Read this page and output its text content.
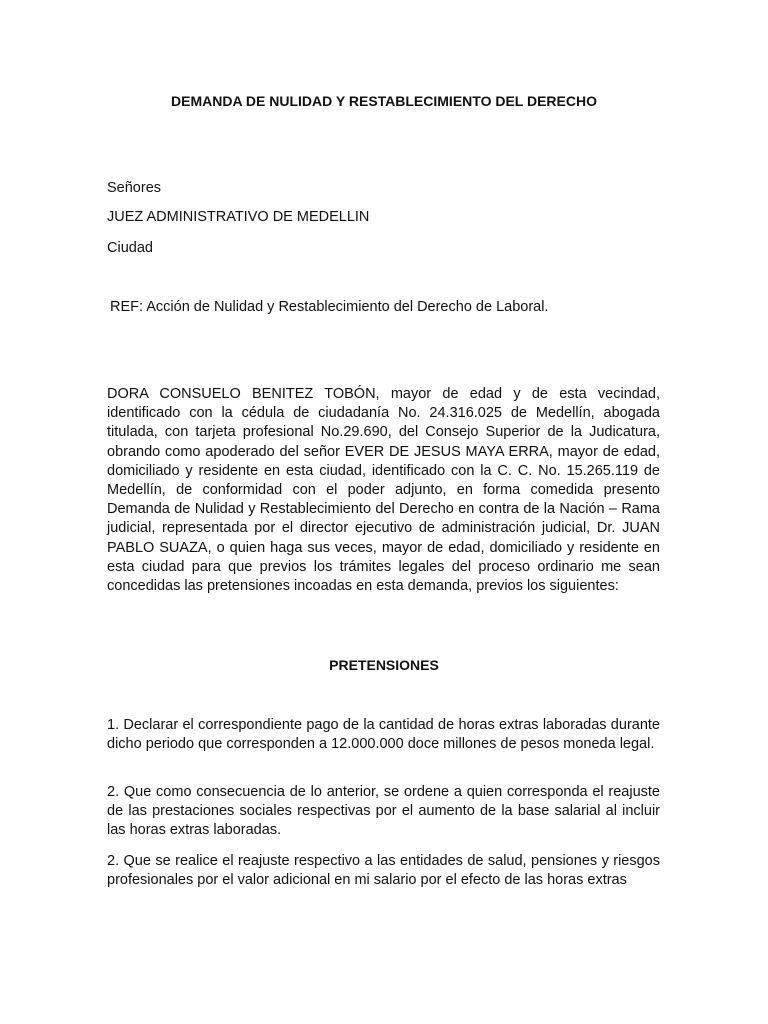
DEMANDA DE NULIDAD Y RESTABLECIMIENTO DEL DERECHO
Señores
JUEZ ADMINISTRATIVO DE MEDELLIN
Ciudad
REF: Acción de Nulidad y Restablecimiento del Derecho de Laboral.
DORA CONSUELO BENITEZ TOBÓN, mayor de edad y de esta vecindad, identificado con la cédula de ciudadanía No. 24.316.025 de Medellín, abogada titulada, con tarjeta profesional No.29.690, del Consejo Superior de la Judicatura, obrando como apoderado del señor EVER DE JESUS MAYA ERRA, mayor de edad, domiciliado y residente en esta ciudad, identificado con la C. C. No. 15.265.119 de Medellín, de conformidad con el poder adjunto, en forma comedida presento Demanda de Nulidad y Restablecimiento del Derecho en contra de la Nación – Rama judicial, representada por el director ejecutivo de administración judicial, Dr. JUAN PABLO SUAZA, o quien haga sus veces, mayor de edad, domiciliado y residente en esta ciudad para que previos los trámites legales del proceso ordinario me sean concedidas las pretensiones incoadas en esta demanda, previos los siguientes:
PRETENSIONES
1. Declarar el correspondiente pago de la cantidad de horas extras laboradas durante dicho periodo que corresponden a 12.000.000 doce millones de pesos moneda legal.
2. Que como consecuencia de lo anterior, se ordene a quien corresponda el reajuste de las prestaciones sociales respectivas por el aumento de la base salarial al incluir las horas extras laboradas.
2. Que se realice el reajuste respectivo a las entidades de salud, pensiones y riesgos profesionales por el valor adicional en mi salario por el efecto de las horas extras
